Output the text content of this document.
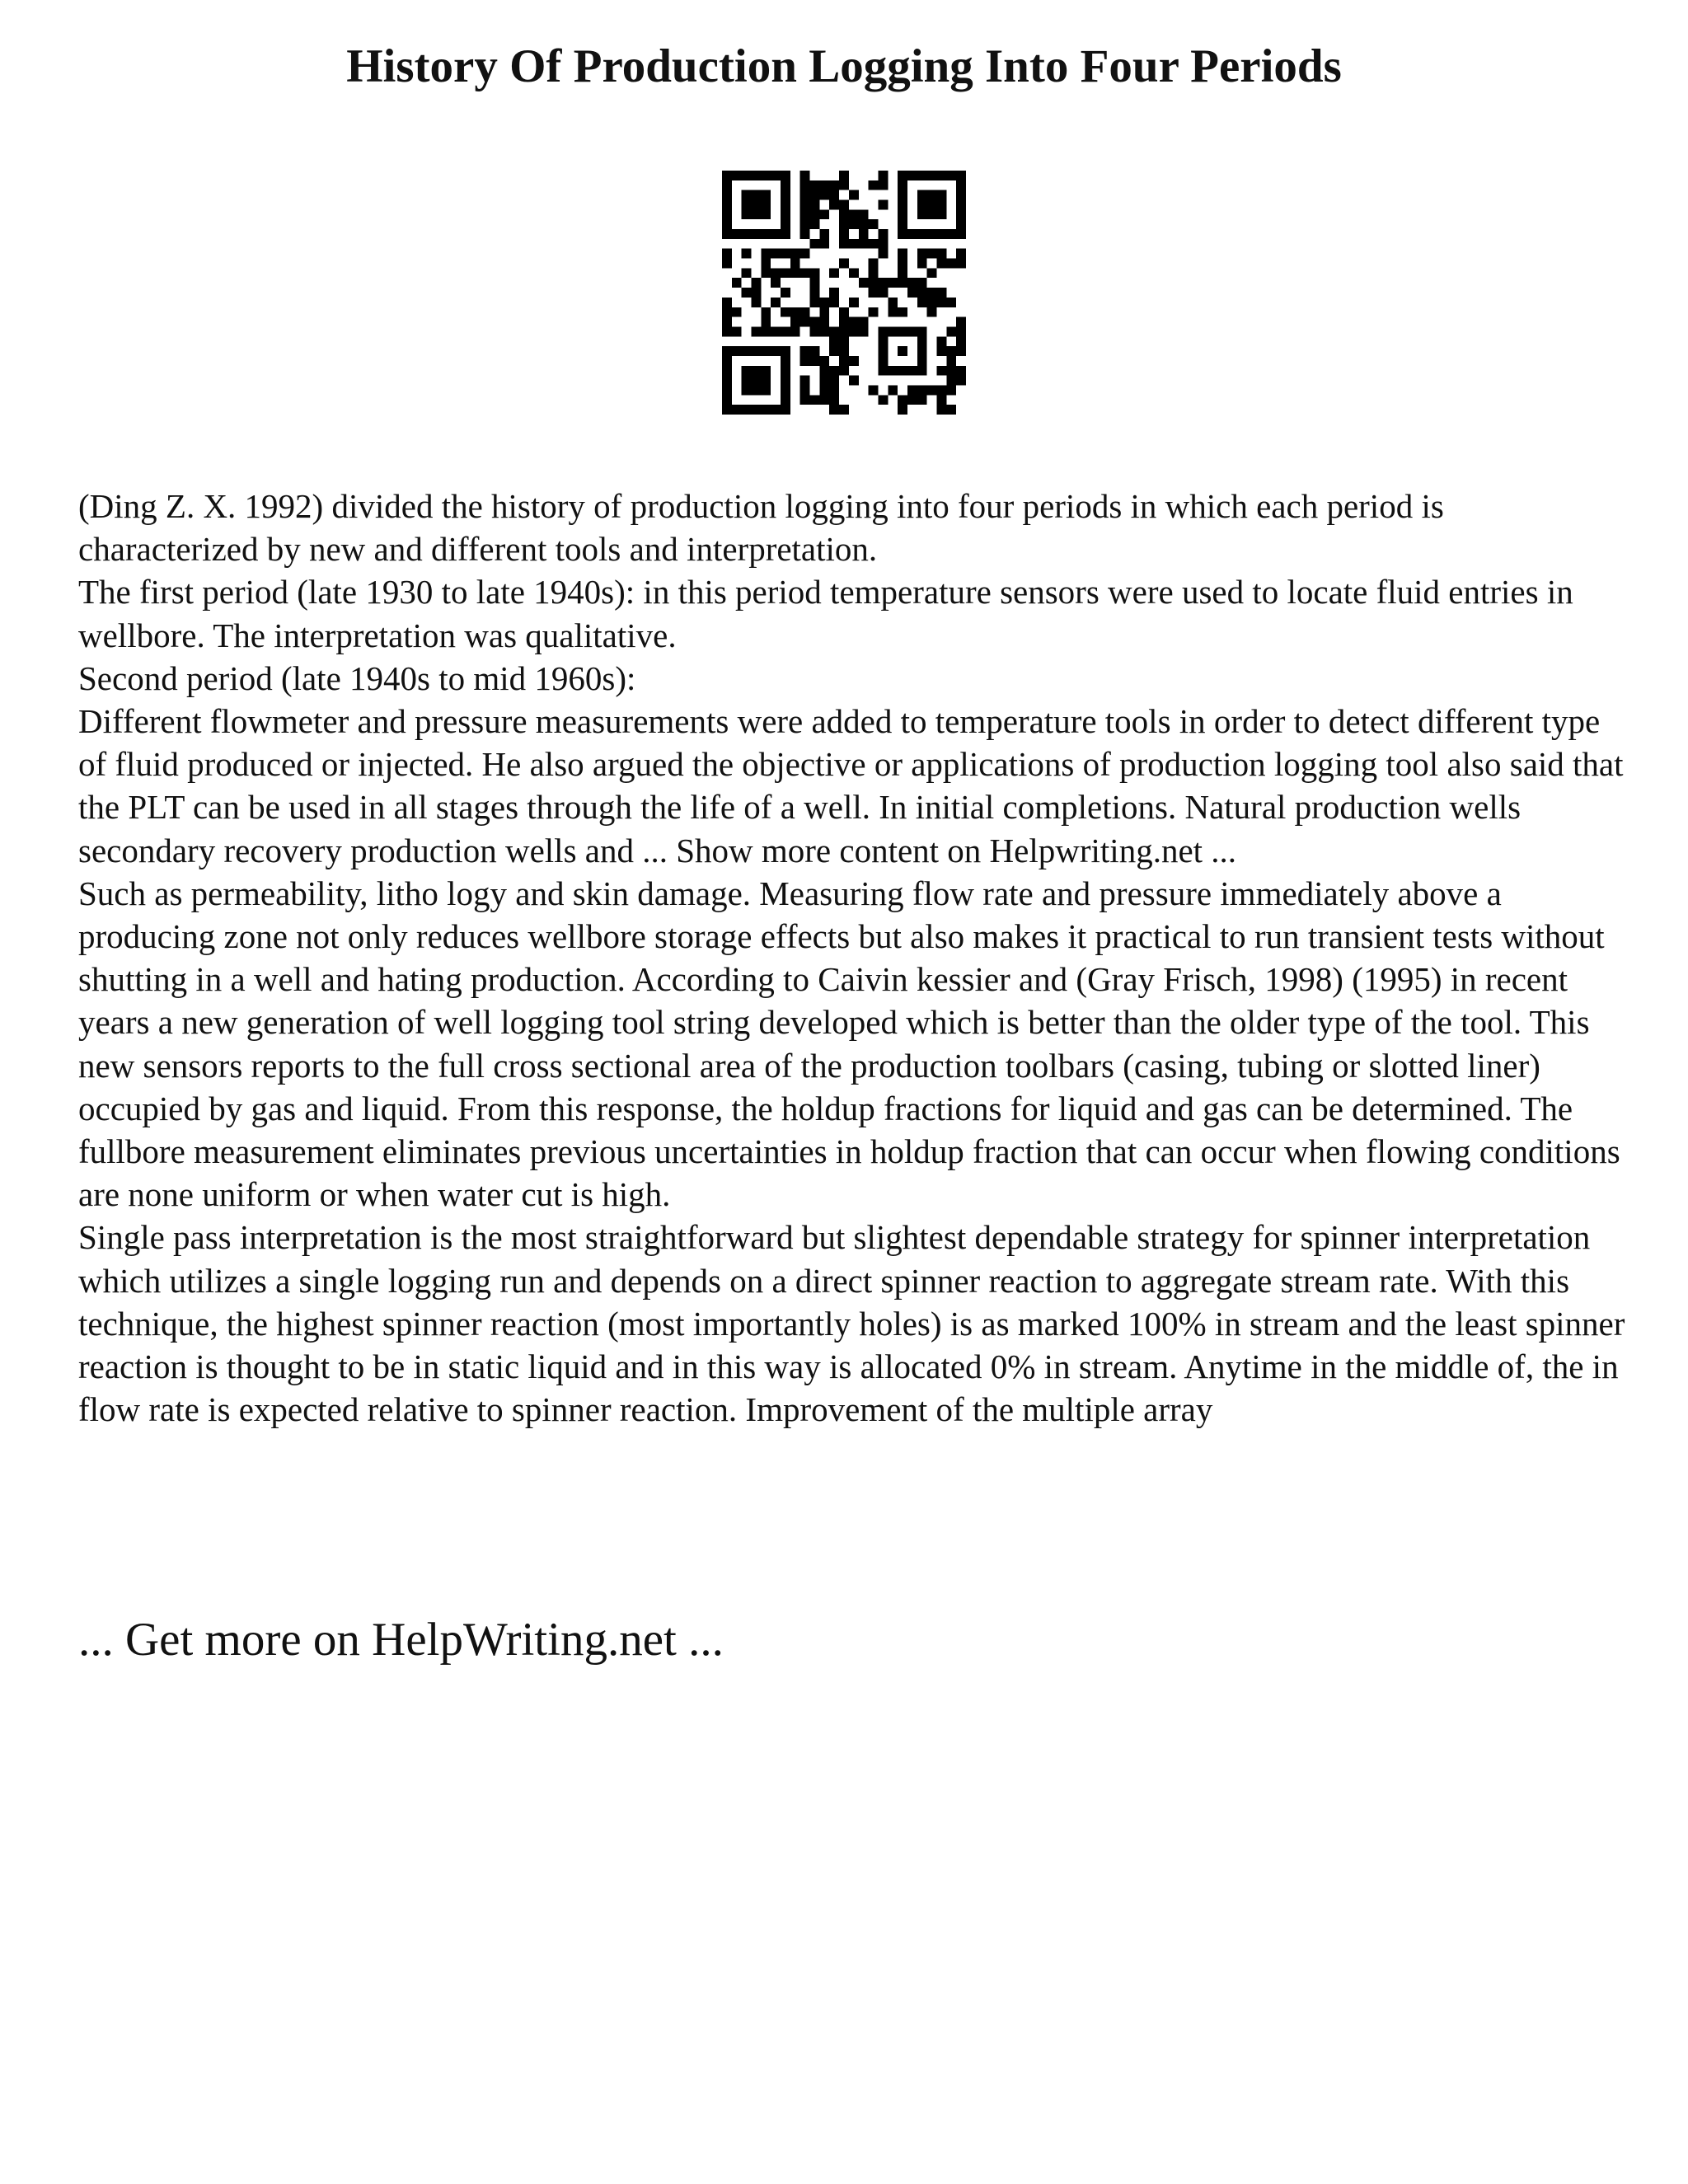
History Of Production Logging Into Four Periods

(Ding Z. X. 1992) divided the history of production logging into four periods in which each period is characterized by new and different tools and interpretation.

The first period (late 1930 to late 1940s): in this period temperature sensors were used to locate fluid entries in wellbore. The interpretation was qualitative.

Second period (late 1940s to mid 1960s):

Different flowmeter and pressure measurements were added to temperature tools in order to detect different type of fluid produced or injected. He also argued the objective or applications of production logging tool also said that the PLT can be used in all stages through the life of a well. In initial completions. Natural production wells secondary recovery production wells and ... Show more content on Helpwriting.net ...

Such as permeability, litho logy and skin damage. Measuring flow rate and pressure immediately above a producing zone not only reduces wellbore storage effects but also makes it practical to run transient tests without shutting in a well and hating production. According to Caivin kessier and (Gray Frisch, 1998) (1995) in recent years a new generation of well logging tool string developed which is better than the older type of the tool. This new sensors reports to the full cross sectional area of the production toolbars (casing, tubing or slotted liner) occupied by gas and liquid. From this response, the holdup fractions for liquid and gas can be determined. The fullbore measurement eliminates previous uncertainties in holdup fraction that can occur when flowing conditions are none uniform or when water cut is high.

Single pass interpretation is the most straightforward but slightest dependable strategy for spinner interpretation which utilizes a single logging run and depends on a direct spinner reaction to aggregate stream rate. With this technique, the highest spinner reaction (most importantly holes) is as marked 100% in stream and the least spinner reaction is thought to be in static liquid and in this way is allocated 0% in stream. Anytime in the middle of, the in flow rate is expected relative to spinner reaction. Improvement of the multiple array

... Get more on HelpWriting.net ...
